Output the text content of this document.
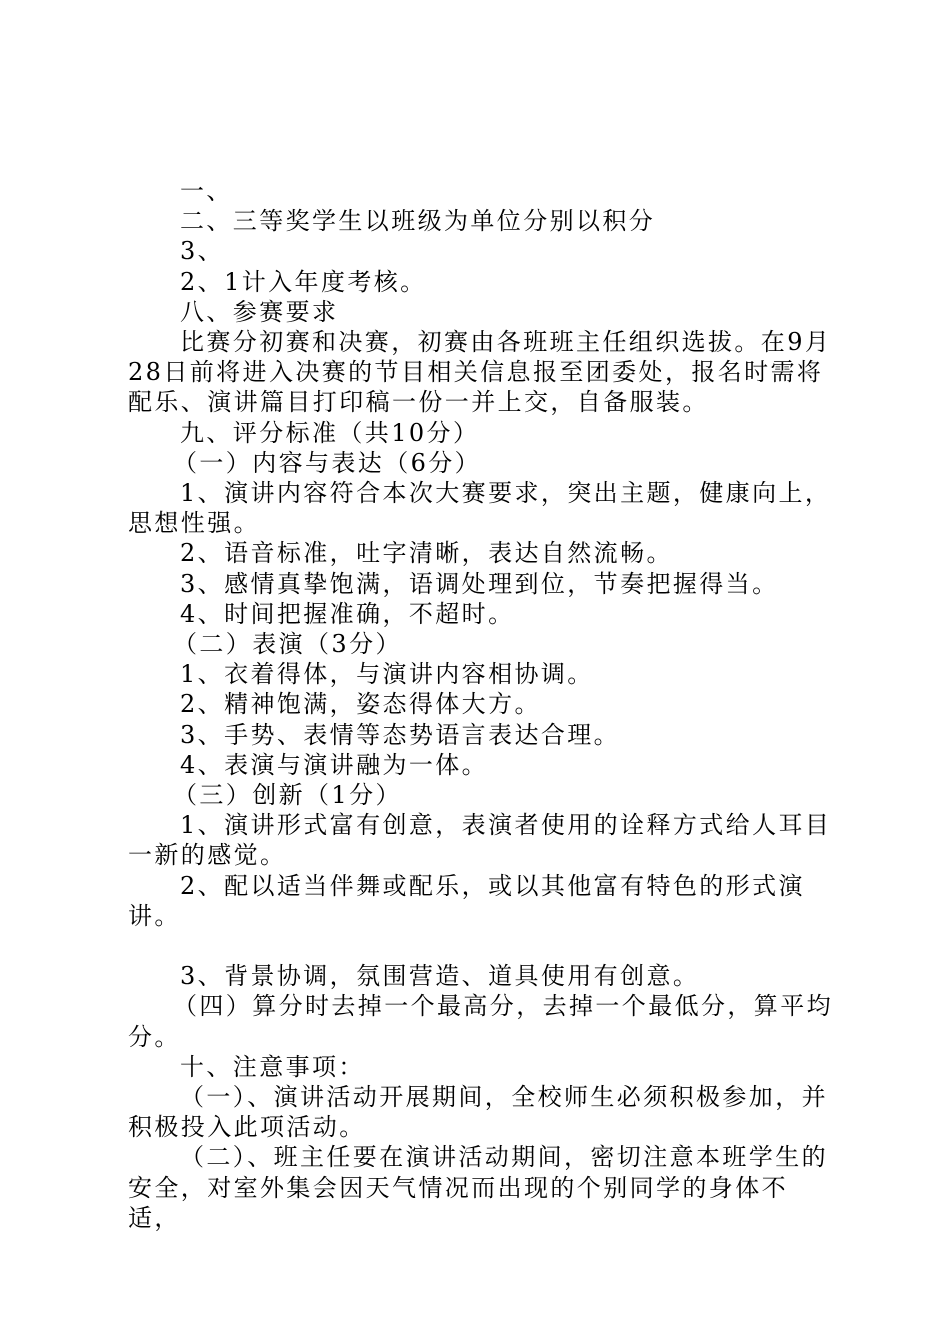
一、

二、三等奖学生以班级为单位分别以积分

3、

2、1计入年度考核。

八、参赛要求

比赛分初赛和决赛，初赛由各班班主任组织选拔。在9月28日前将进入决赛的节目相关信息报至团委处，报名时需将配乐、演讲篇目打印稿一份一并上交，自备服装。

九、评分标准（共10分）

（一）内容与表达（6分）

1、演讲内容符合本次大赛要求，突出主题，健康向上，思想性强。

2、语音标准，吐字清晰，表达自然流畅。

3、感情真挚饱满，语调处理到位，节奏把握得当。

4、时间把握准确，不超时。

（二）表演（3分）

1、衣着得体，与演讲内容相协调。

2、精神饱满，姿态得体大方。

3、手势、表情等态势语言表达合理。

4、表演与演讲融为一体。

（三）创新（1分）

1、演讲形式富有创意，表演者使用的诠释方式给人耳目一新的感觉。

2、配以适当伴舞或配乐，或以其他富有特色的形式演讲。

3、背景协调，氛围营造、道具使用有创意。

（四）算分时去掉一个最高分，去掉一个最低分，算平均分。

十、注意事项：

（一）、演讲活动开展期间，全校师生必须积极参加，并积极投入此项活动。

（二）、班主任要在演讲活动期间，密切注意本班学生的安全，对室外集会因天气情况而出现的个别同学的身体不适，
